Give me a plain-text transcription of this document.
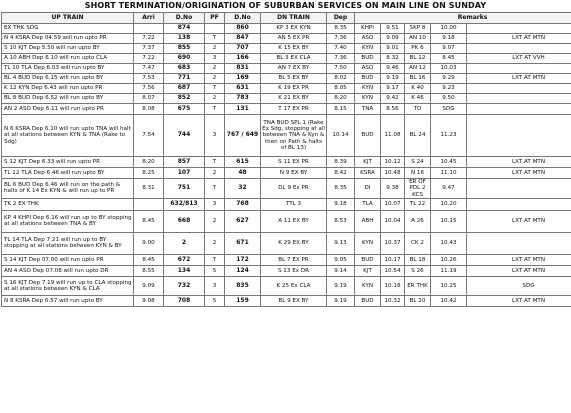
SHORT TERMINATION/ORIGINATION OF SUBURBAN SERVICES ON MAIN LINE ON SUNDAY
UP TRAIN	Arri	D.No	PF	D.No	DN TRAIN	Dep	Remarks				
EX THK SDG		874		860	KP 3 EX KYN	8.35	KHPI	9.51	SKP 8	10.00	
N 4 KSRA Dep 04.59 will run upto PR	7.22	138	T	847	AN 5 EX PR	7.36	ASO	9.09	AN 10	9.18	LXT AT MTN
S 10 KJT Dep 5.50 will run upto BY	7.37	855	2	707	K 15 EX BY	7.40	KYN	9.01	PK 6	9.07	
A 10 ABH Dep 6.10 will run upto CLA	7.22	690	3	166	BL 3 EX CLA	7.36	BUD	8.32	BL 12	8.45	LXT AT VVH
TL 10 TLA Dep 6.03 will run upto BY	7.47	683	2	831	AN 7 EX BY	7.50	ASO	9.46	AN 12	10.03	
BL 4 BUD Dep 6.15 will run upto BY	7.53	771	2	169	BL 5 EX BY	8.02	BUD	9.19	BL 16	9.29	LXT AT MTN
K 12 KYN Dep 6.43 will run upto PR	7.56	687	T	631	K 19 EX PR	8.05	KYN	9.17	K 40	9.23	
BL 8 BUD Dep 6.52 will run upto BY	8.07	852	2	783	K 21 EX BY	8.20	KYN	9.42	K 46	9.50	
AN 2 ASO Dep 6.11 will run upto PR	8.08	675	T	131	T 17 EX PR	8.15	TNA	8.56	TO	SDG	
N 6 KSRA Dep 6.10 will run upto TNA will halt at all stations between KYN & TNA (Rake to Sdg)	7.54	744	3	767 / 649	TNA BUD SPL 1 (Rake Ex Sdg, stopping at all between TNA & Kyn & then on Path & halts of BL 13)	10.14	BUD	11.08	BL 24	11.23	
S 12 KJT Dep 6.33 will run upto PR	8.20	857	T	615	S 11 EX PR	8.39	KJT	10.12	S 24	10.45	LXT AT MTN
TL 12 TLA Dep 6.46 will run upto BY	8.25	107	2	48	N 9 EX BY	8.42	KSRA	10.48	N 16	11.10	LXT AT MTN
BL 6 BUD Dep 6.46 will run on the path & halts of K 14 Ex KYN & will run up to PR	8.31	751	T	32	DL 9 Ex PR	8.35	DI	9.38	ER OF PDL 2 KCS	9.47	
TK 2 EX THK		632/813	3	768	TTL 3	9.18	TLA	10.07	TL 22	10.20	
KP 4 KHPI Dep 6.16 will run up to BY stopping at all stations between TNA & BY	8.45	668	2	627	A 11 EX BY	8.53	ABH	10.04	A 26	10.15	LXT AT MTN
TL 14 TLA Dep 7.21 will run up to BY stopping at all stations between KYN & BY	9.00	2	2	671	K 29 EX BY	9.13	KYN	10.37	CK 2	10.43	
S 14 KJT Dep 07.00 will run upto PR	8.45	672	T	172	BL 7 EX PR	9.05	BUD	10.17	BL 18	10.26	LXT AT MTN
AN 4 ASO Dep 07.08 will run upto DR	8.55	134	5	124	S 13 Ex DR	9.14	KJT	10.54	S 26	11.19	LXT AT MTN
S 16 KJT Dep 7.19 will run up to CLA stopping at all stations between KYN & CLA	9.09	732	3	835	K 25 Ex CLA	9.19	KYN	10.18	ER THK	10.25	SDG
N 8 KSRA Dep 6.57 will run upto BY	9.08	708	5	159	BL 9 EX BY	9.19	BUD	10.32	BL 20	10.42	LXT AT MTN
